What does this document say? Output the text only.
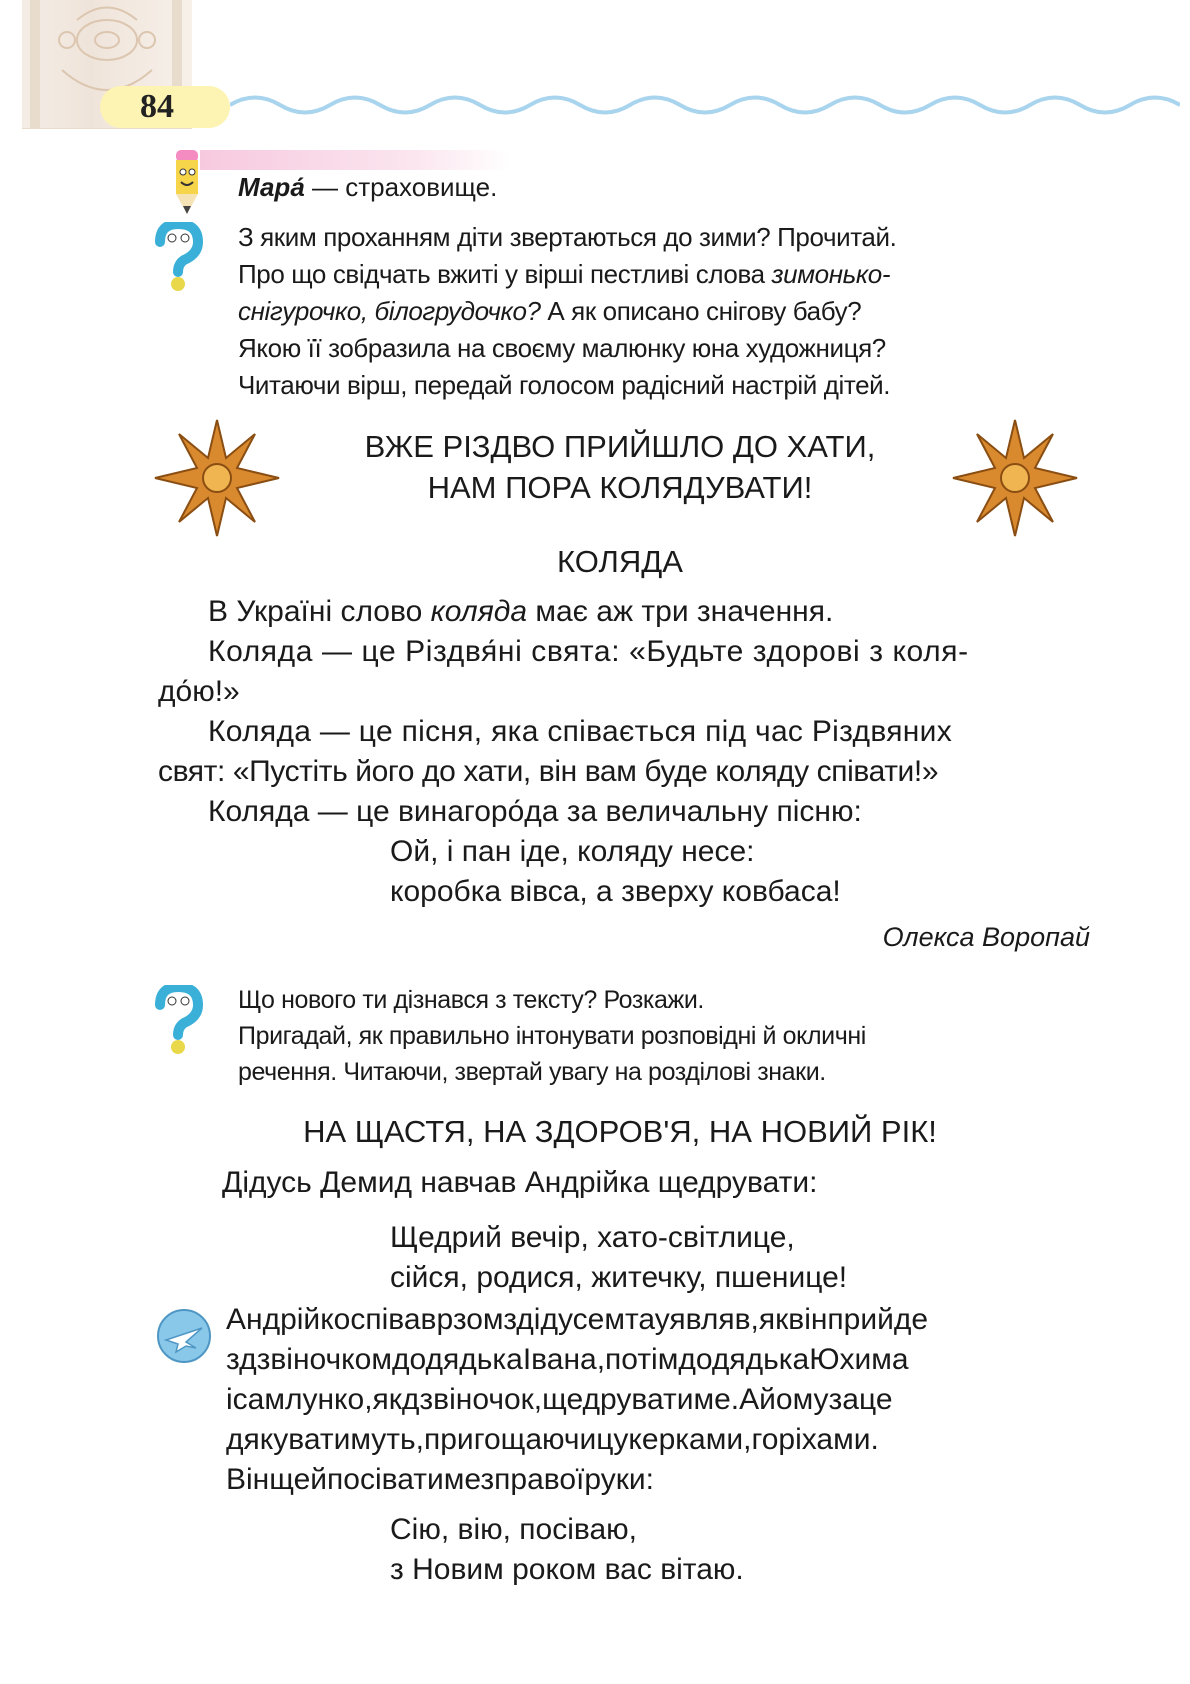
84
Мара́ — страховище.
З яким проханням діти звертаються до зими? Прочитай.
Про що свідчать вжиті у вірші пестливі слова зимонько-
снігурочко, білогрудочко? А як описано снігову бабу?
Якою її зобразила на своєму малюнку юна художниця?
Читаючи вірш, передай голосом радісний настрій дітей.
ВЖЕ РІЗДВО ПРИЙШЛО ДО ХАТИ,
НАМ ПОРА КОЛЯДУВАТИ!
КОЛЯДА
В Україні слово коляда має аж три значення.
Коляда — це Різдвя́ні свята: «Будьте здорові з коля-
до́ю!»
Коляда — це пісня, яка співається під час Різдвяних
свят: «Пустіть його до хати, він вам буде коляду співати!»
Коляда — це винагоро́да за величальну пісню:
Ой, і пан іде, коляду несе:
коробка вівса, а зверху ковбаса!
Олекса Воропай
Що нового ти дізнався з тексту? Розкажи.
Пригадай, як правильно інтонувати розповідні й окличні
речення. Читаючи, звертай увагу на розділові знаки.
НА ЩАСТЯ, НА ЗДОРОВ'Я, НА НОВИЙ РІК!
Дідусь Демид навчав Андрійка щедрувати:
Щедрий вечір, хато-світлице,
сійся, родися, житечку, пшенице!
Андрійкоспіваврзомздідусемтауявляв,яквінприйде
здзвіночкомдодядькаІвана,потімдодядькаЮхима
ісамлунко,якдзвіночок,щедруватиме.Айомузаце
дякуватимуть,пригощаючицукерками,горіхами.
Вінщейпосіватимезправоїруки:
Сію, вію, посіваю,
з Новим роком вас вітаю.
